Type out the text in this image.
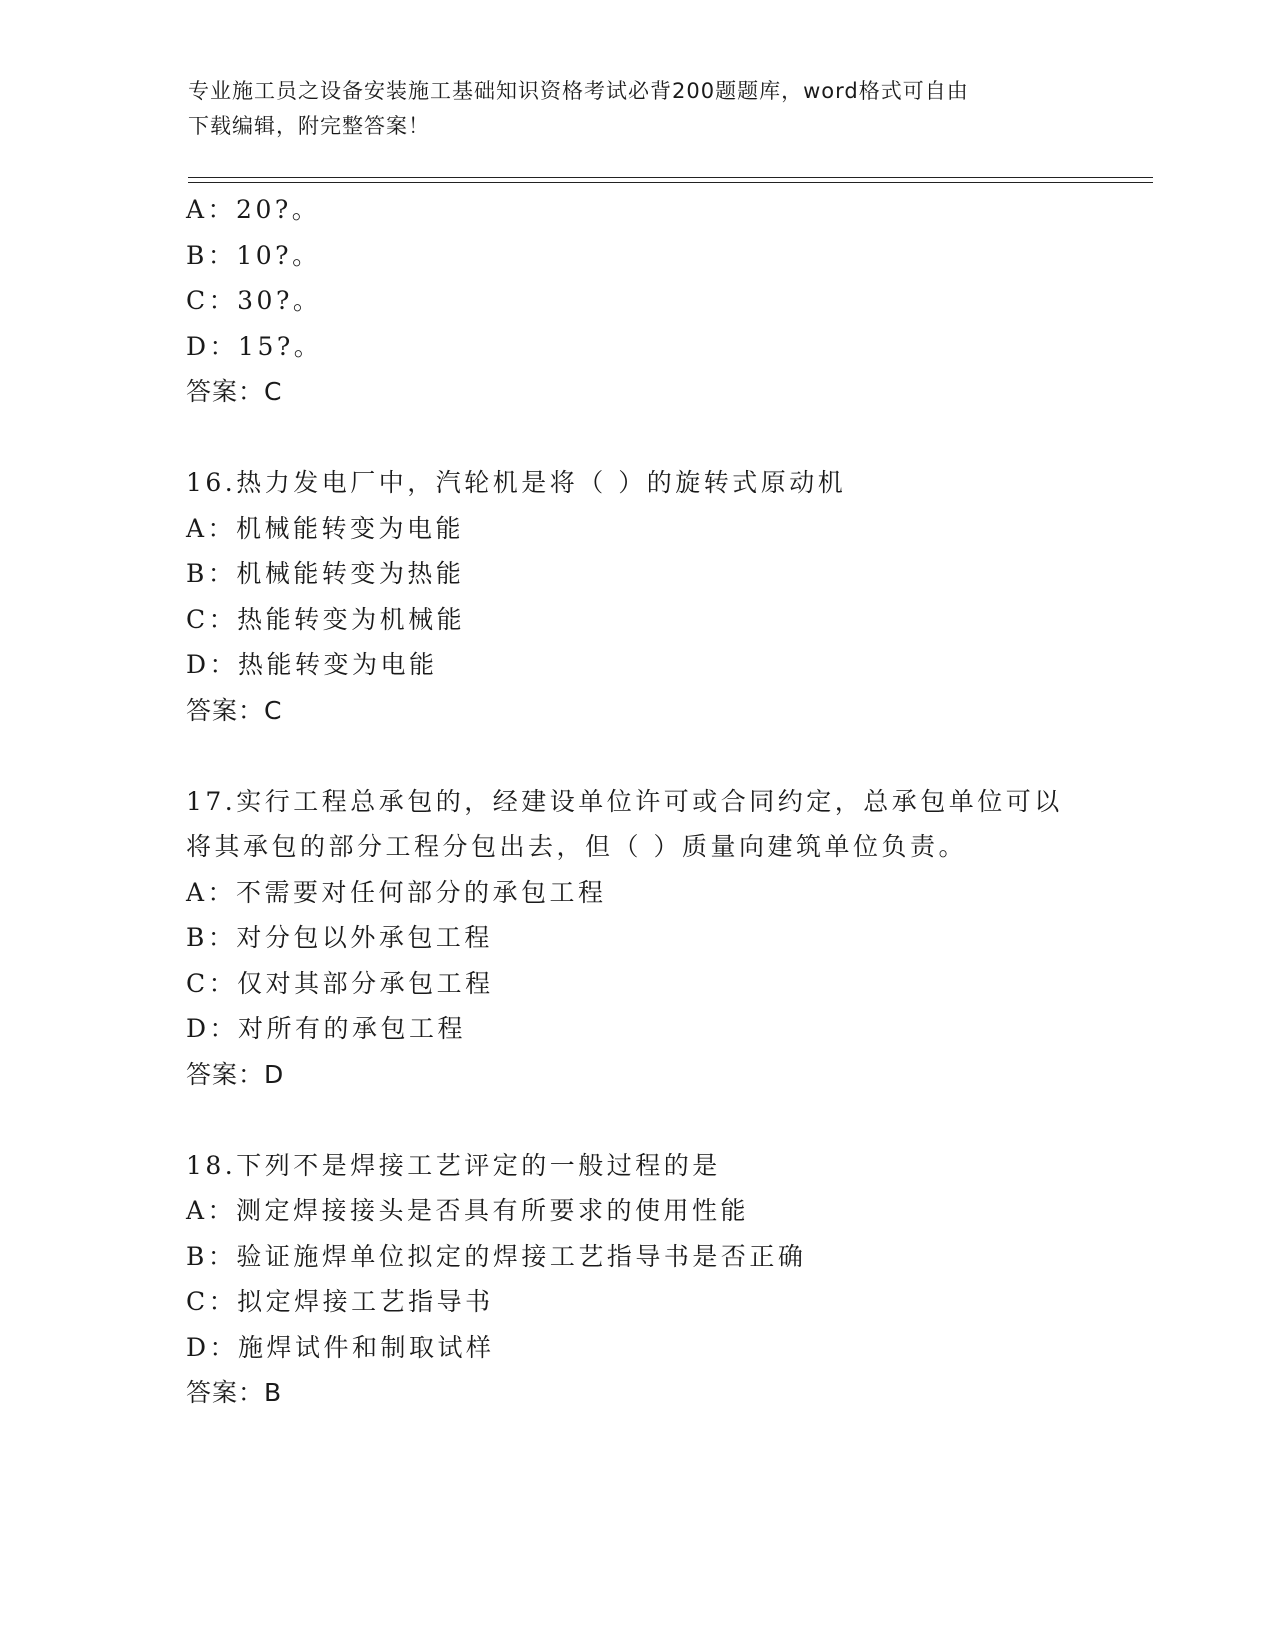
专业施工员之设备安装施工基础知识资格考试必背200题题库，word格式可自由
下载编辑，附完整答案！
A：20?。
B：10?。
C：30?。
D：15?。
答案：C
16.热力发电厂中，汽轮机是将（ ）的旋转式原动机
A：机械能转变为电能
B：机械能转变为热能
C：热能转变为机械能
D：热能转变为电能
答案：C
17.实行工程总承包的，经建设单位许可或合同约定，总承包单位可以
将其承包的部分工程分包出去，但（ ）质量向建筑单位负责。
A：不需要对任何部分的承包工程
B：对分包以外承包工程
C：仅对其部分承包工程
D：对所有的承包工程
答案：D
18.下列不是焊接工艺评定的一般过程的是
A：测定焊接接头是否具有所要求的使用性能
B：验证施焊单位拟定的焊接工艺指导书是否正确
C：拟定焊接工艺指导书
D：施焊试件和制取试样
答案：B
